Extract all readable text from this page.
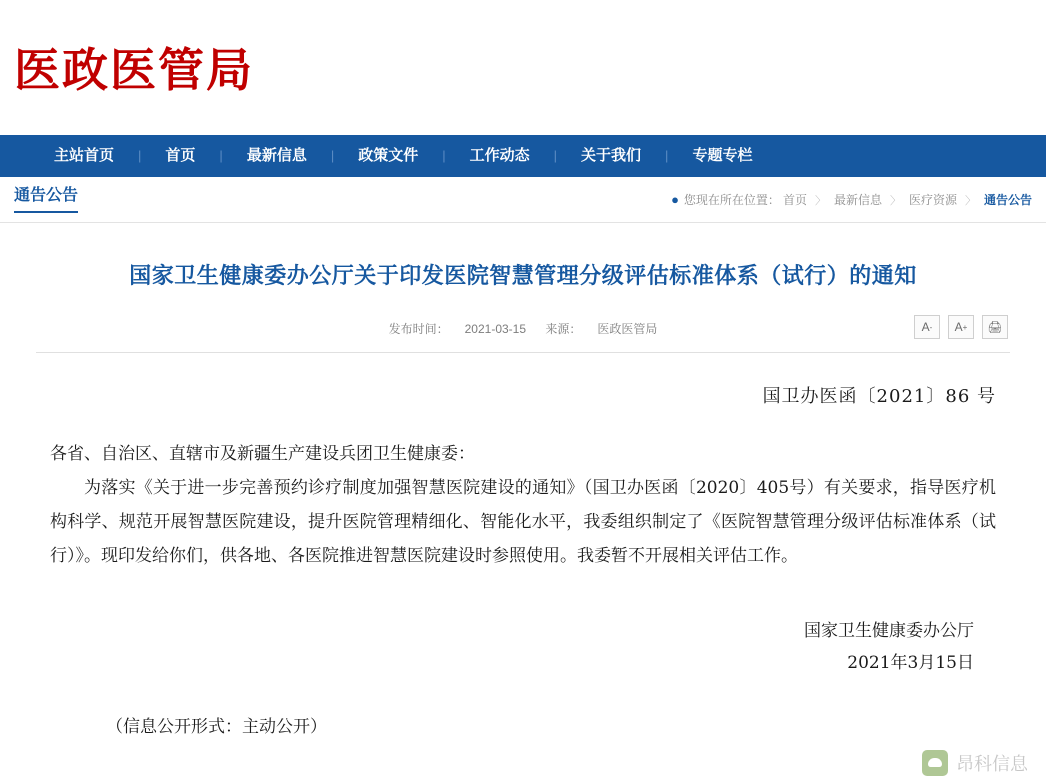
医政医管局
主站首页	|	首页	|	最新信息	|	政策文件	|	工作动态	|	关于我们	|	专题专栏
通告公告	● 您现在所在位置： 首页 〉 最新信息 〉 医疗资源 〉 通告公告
国家卫生健康委办公厅关于印发医院智慧管理分级评估标准体系（试行）的通知
发布时间： 2021-03-15 来源： 医政医管局	A - A + 🖨
国卫办医函〔2021〕86 号
各省、自治区、直辖市及新疆生产建设兵团卫生健康委：

为落实《关于进一步完善预约诊疗制度加强智慧医院建设的通知》（国卫办医函〔2020〕405号）有关要求，指导医疗机构科学、规范开展智慧医院建设，提升医院管理精细化、智能化水平，我委组织制定了《医院智慧管理分级评估标准体系（试行）》。现印发给你们，供各地、各医院推进智慧医院建设时参照使用。我委暂不开展相关评估工作。

国家卫生健康委办公厅
2021年3月15日
（信息公开形式：主动公开）
昂科信息
